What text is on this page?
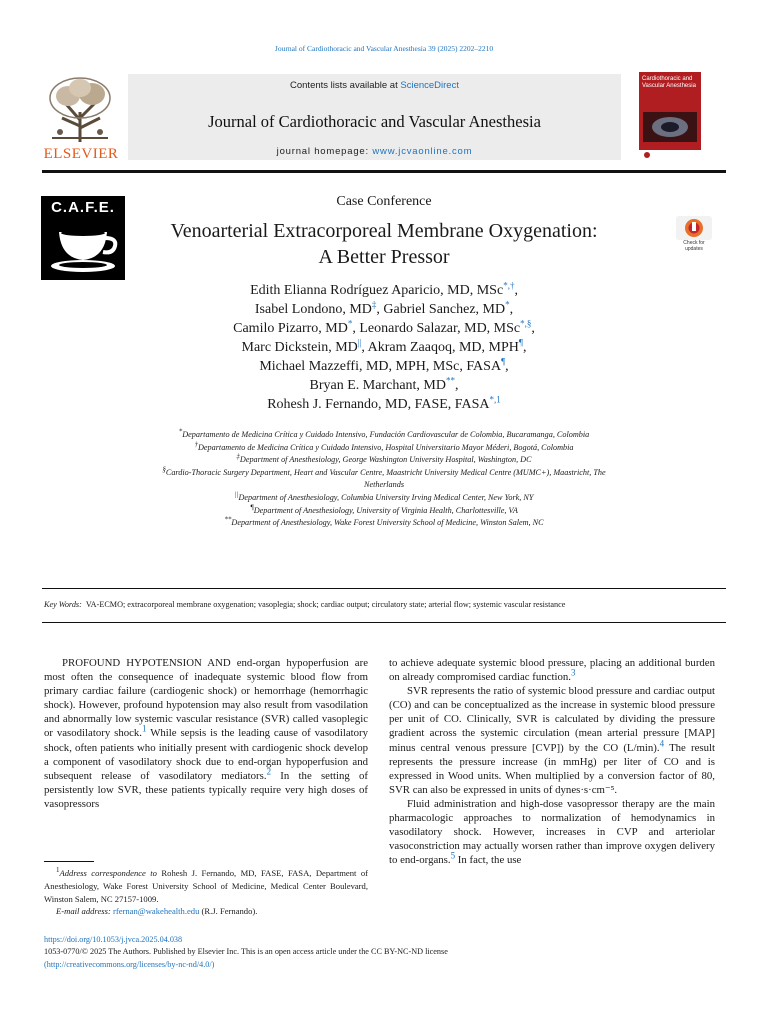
Journal of Cardiothoracic and Vascular Anesthesia 39 (2025) 2202–2210
ELSEVIER
Contents lists available at ScienceDirect
Journal of Cardiothoracic and Vascular Anesthesia
journal homepage: www.jcvaonline.com
Cardiothoracic and Vascular Anesthesia
C.A.F.E.
Check for updates
Case Conference
Venoarterial Extracorporeal Membrane Oxygenation:
A Better Pressor
Edith Elianna Rodríguez Aparicio, MD, MSc*,†,
Isabel Londono, MD‡, Gabriel Sanchez, MD*,
Camilo Pizarro, MD*, Leonardo Salazar, MD, MSc*,§,
Marc Dickstein, MD||, Akram Zaaqoq, MD, MPH¶,
Michael Mazzeffi, MD, MPH, MSc, FASA¶,
Bryan E. Marchant, MD**,
Rohesh J. Fernando, MD, FASE, $FASA^{*,1}$
*Departamento de Medicina Crítica y Cuidado Intensivo, Fundación Cardiovascular de Colombia, Bucaramanga, Colombia
†Departamento de Medicina Crítica y Cuidado Intensivo, Hospital Universitario Mayor Méderi, Bogotá, Colombia
‡Department of Anesthesiology, George Washington University Hospital, Washington, DC
§Cardio-Thoracic Surgery Department, Heart and Vascular Centre, Maastricht University Medical Centre (MUMC+), Maastricht, The Netherlands
||Department of Anesthesiology, Columbia University Irving Medical Center, New York, NY
¶Department of Anesthesiology, University of Virginia Health, Charlottesville, VA
**Department of Anesthesiology, Wake Forest University School of Medicine, Winston Salem, NC
Key Words: VA-ECMO; extracorporeal membrane oxygenation; vasoplegia; shock; cardiac output; circulatory state; arterial flow; systemic vascular resistance

PROFOUND HYPOTENSION AND end-organ hypoperfusion are most often the consequence of inadequate systemic blood flow from primary cardiac failure (cardiogenic shock) or hemorrhage (hemorrhagic shock). However, profound hypotension may also result from vasodilation and abnormally low systemic vascular resistance (SVR) called vasoplegic or vasodilatory shock.$^1$ While sepsis is the leading cause of vasodilatory shock, often patients who initially present with cardiogenic shock develop a component of vasodilatory shock due to end-organ hypoperfusion and subsequent release of vasodilatory mediators.$^2$ In the setting of persistently low SVR, these patients typically require very high doses of vasopressors

to achieve adequate systemic blood pressure, placing an additional burden on already compromised cardiac function.$^3$

SVR represents the ratio of systemic blood pressure and cardiac output (CO) and can be conceptualized as the increase in systemic blood pressure per unit of CO. Clinically, SVR is calculated by dividing the pressure gradient across the systemic circulation (mean arterial pressure [MAP] minus central venous pressure [CVP]) by the CO (L/min).$^4$ The result represents the pressure increase (in mmHg) per liter of CO and is expressed in Wood units. When multiplied by a conversion factor of 80, SVR can also be expressed in units of dynes·s·cm⁻⁵.

Fluid administration and high-dose vasopressor therapy are the main pharmacologic approaches to normalization of hemodynamics in vasodilatory shock. However, increases in CVP and arteriolar vasoconstriction may actually worsen rather than improve oxygen delivery to end-organs.$^5$ In fact, the use

$^1$Address correspondence to Rohesh J. Fernando, MD, FASE, FASA, Department of Anesthesiology, Wake Forest University School of Medicine, Medical Center Boulevard, Winston Salem, NC 27157-1009.

E-mail address: rfernan@wakehealth.edu (R.J. Fernando).

https://doi.org/10.1053/j.jvca.2025.04.038
1053-0770/© 2025 The Authors. Published by Elsevier Inc. This is an open access article under the CC BY-NC-ND license
(http://creativecommons.org/licenses/by-nc-nd/4.0/)
